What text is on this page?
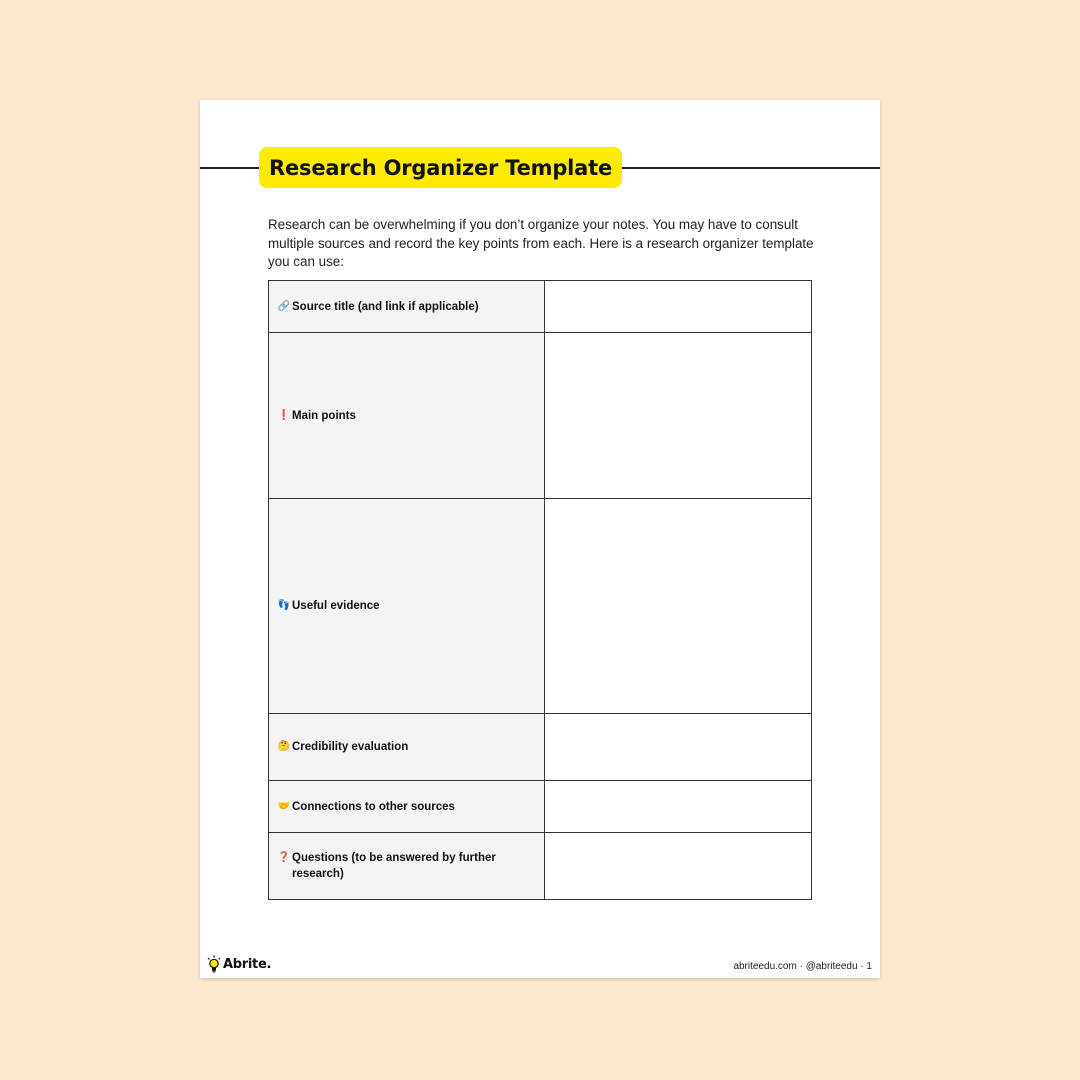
Research Organizer Template

Research can be overwhelming if you don’t organize your notes. You may have to consult multiple sources and record the key points from each. Here is a research organizer template you can use:

🔗 Source title (and link if applicable)	

❗ Main points	

👣 Useful evidence	

🤔 Credibility evaluation	

🤝 Connections to other sources	

❓ Questions (to be answered by further research)	

Abrite.	abriteedu.com · @abriteedu · 1
